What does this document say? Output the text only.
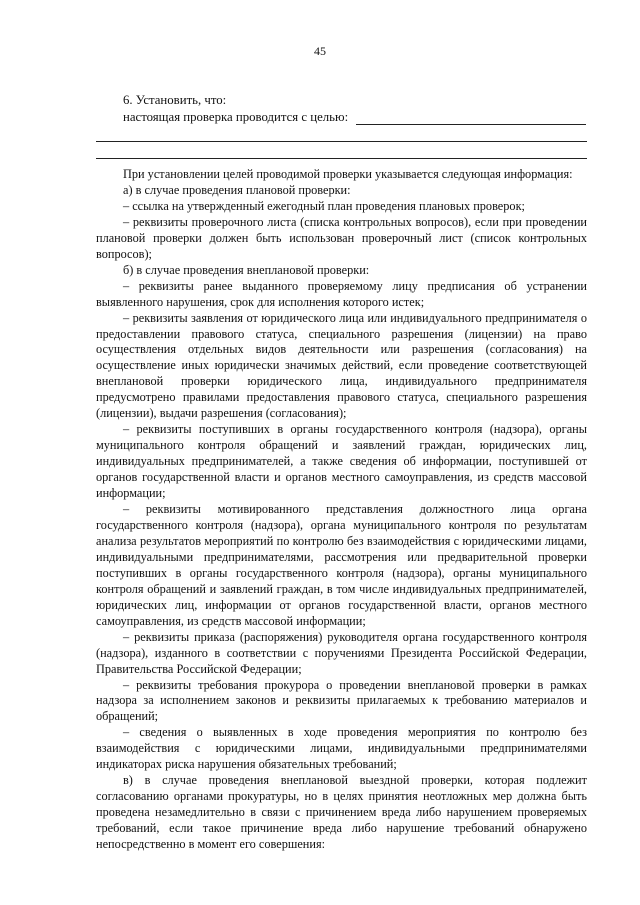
45
6. Установить, что:
настоящая проверка проводится с целью:

При установлении целей проводимой проверки указывается следующая информация:

а) в случае проведения плановой проверки:

– ссылка на утвержденный ежегодный план проведения плановых проверок;

– реквизиты проверочного листа (списка контрольных вопросов), если при проведении плановой проверки должен быть использован проверочный лист (список контрольных вопросов);

б) в случае проведения внеплановой проверки:

– реквизиты ранее выданного проверяемому лицу предписания об устранении выявленного нарушения, срок для исполнения которого истек;

– реквизиты заявления от юридического лица или индивидуального предпринимателя о предоставлении правового статуса, специального разрешения (лицензии) на право осуществления отдельных видов деятельности или разрешения (согласования) на осуществление иных юридически значимых действий, если проведение соответствующей внеплановой проверки юридического лица, индивидуального предпринимателя предусмотрено правилами предоставления правового статуса, специального разрешения (лицензии), выдачи разрешения (согласования);

– реквизиты поступивших в органы государственного контроля (надзора), органы муниципального контроля обращений и заявлений граждан, юридических лиц, индивидуальных предпринимателей, а также сведения об информации, поступившей от органов государственной власти и органов местного самоуправления, из средств массовой информации;

– реквизиты мотивированного представления должностного лица органа государственного контроля (надзора), органа муниципального контроля по результатам анализа результатов мероприятий по контролю без взаимодействия с юридическими лицами, индивидуальными предпринимателями, рассмотрения или предварительной проверки поступивших в органы государственного контроля (надзора), органы муниципального контроля обращений и заявлений граждан, в том числе индивидуальных предпринимателей, юридических лиц, информации от органов государственной власти, органов местного самоуправления, из средств массовой информации;

– реквизиты приказа (распоряжения) руководителя органа государственного контроля (надзора), изданного в соответствии с поручениями Президента Российской Федерации, Правительства Российской Федерации;

– реквизиты требования прокурора о проведении внеплановой проверки в рамках надзора за исполнением законов и реквизиты прилагаемых к требованию материалов и обращений;

– сведения о выявленных в ходе проведения мероприятия по контролю без взаимодействия с юридическими лицами, индивидуальными предпринимателями индикаторах риска нарушения обязательных требований;

в) в случае проведения внеплановой выездной проверки, которая подлежит согласованию органами прокуратуры, но в целях принятия неотложных мер должна быть проведена незамедлительно в связи с причинением вреда либо нарушением проверяемых требований, если такое причинение вреда либо нарушение требований обнаружено непосредственно в момент его совершения:
